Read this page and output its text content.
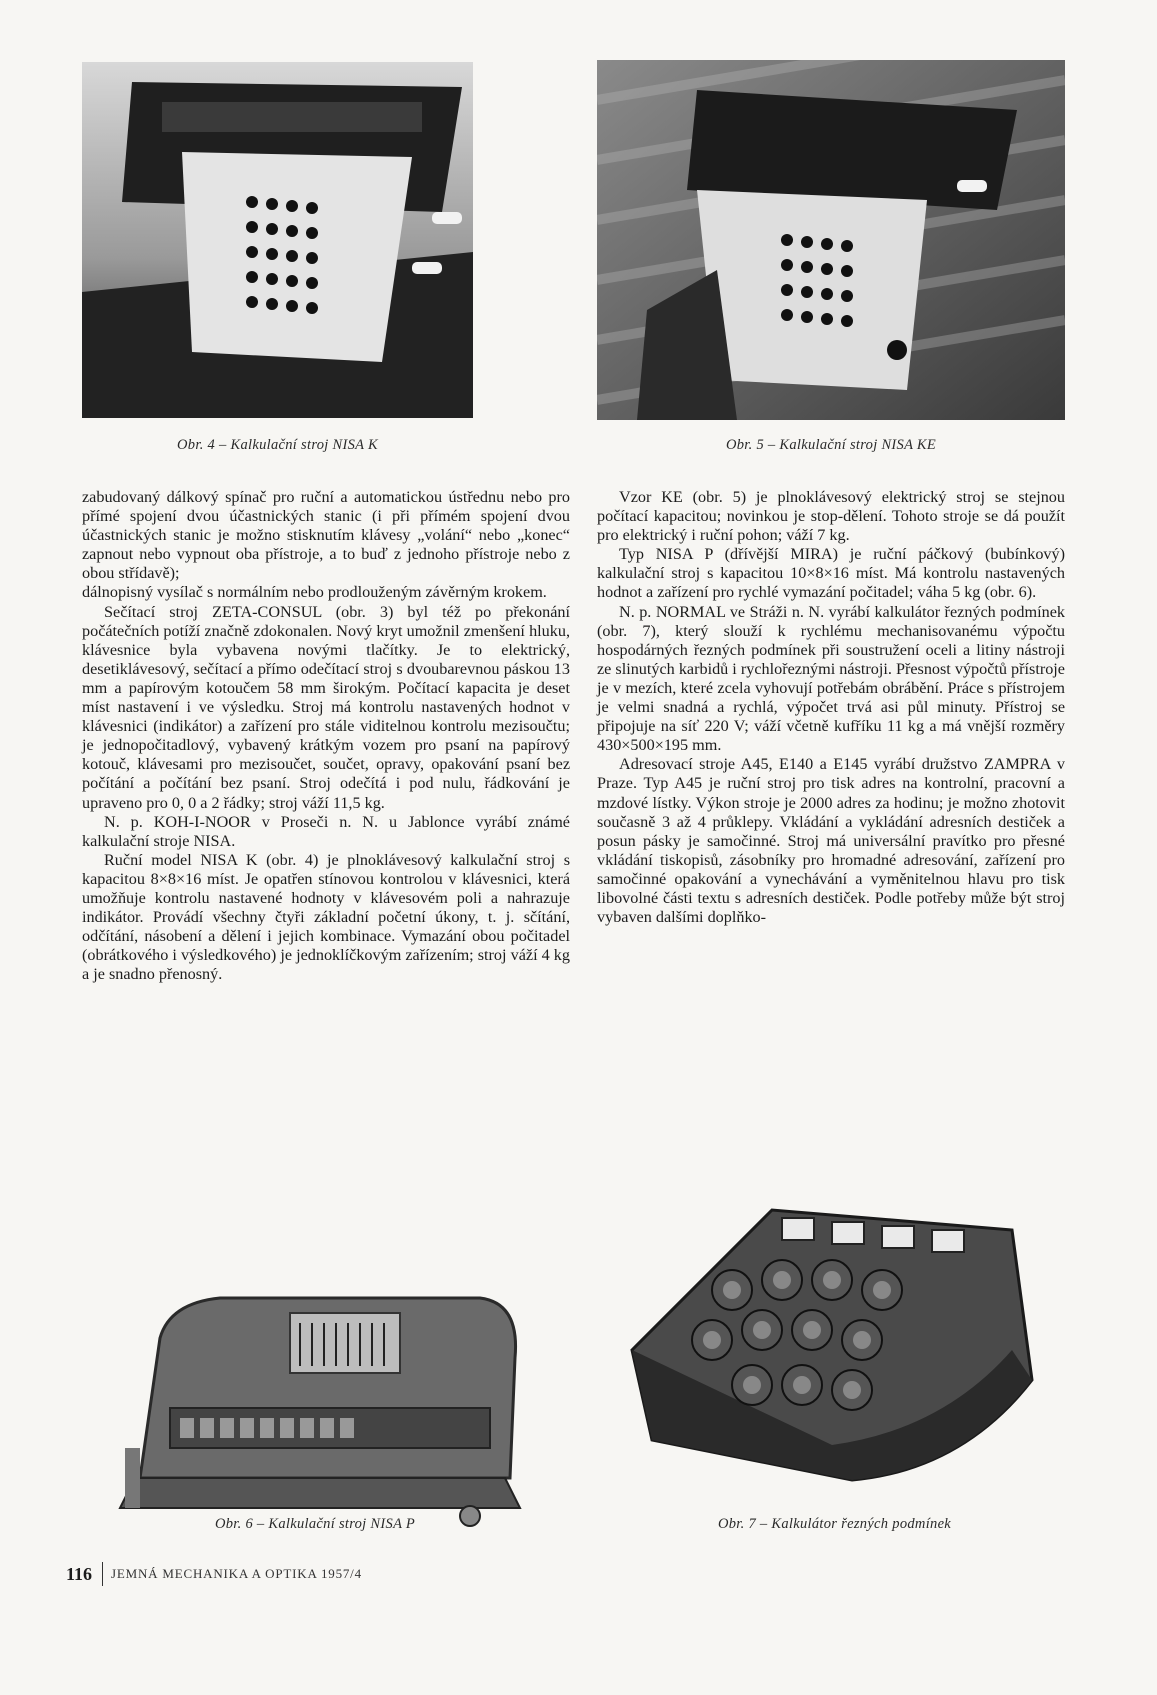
Obr. 4 – Kalkulační stroj NISA K	Obr. 5 – Kalkulační stroj NISA KE

zabudovaný dálkový spínač pro ruční a automatickou ústřednu nebo pro přímé spojení dvou účastnických stanic (i při přímém spojení dvou účastnických stanic je možno stisknutím klávesy „volání“ nebo „konec“ zapnout nebo vypnout oba přístroje, a to buď z jednoho přístroje nebo z obou střídavě);

dálnopisný vysílač s normálním nebo prodlouženým závěrným krokem.

Sečítací stroj ZETA-CONSUL (obr. 3) byl též po překonání počátečních potíží značně zdokonalen. Nový kryt umožnil zmenšení hluku, klávesnice byla vybavena novými tlačítky. Je to elektrický, desetiklávesový, sečítací a přímo odečítací stroj s dvoubarevnou páskou 13 mm a papírovým kotoučem 58 mm širokým. Počítací kapacita je deset míst nastavení i ve výsledku. Stroj má kontrolu nastavených hodnot v klávesnici (indikátor) a zařízení pro stále viditelnou kontrolu mezisoučtu; je jednopočitadlový, vybavený krátkým vozem pro psaní na papírový kotouč, klávesami pro mezisoučet, součet, opravy, opakování psaní bez počítání a počítání bez psaní. Stroj odečítá i pod nulu, řádkování je upraveno pro 0, 0 a 2 řádky; stroj váží 11,5 kg.

N. p. KOH-I-NOOR v Proseči n. N. u Jablonce vyrábí známé kalkulační stroje NISA.

Ruční model NISA K (obr. 4) je plnoklávesový kalkulační stroj s kapacitou 8×8×16 míst. Je opatřen stínovou kontrolou v klávesnici, která umožňuje kontrolu nastavené hodnoty v klávesovém poli a nahrazuje indikátor. Provádí všechny čtyři základní početní úkony, t. j. sčítání, odčítání, násobení a dělení i jejich kombinace. Vymazání obou počitadel (obrátkového i výsledkového) je jednoklíčkovým zařízením; stroj váží 4 kg a je snadno přenosný.

Vzor KE (obr. 5) je plnoklávesový elektrický stroj se stejnou počítací kapacitou; novinkou je stop-dělení. Tohoto stroje se dá použít pro elektrický i ruční pohon; váží 7 kg.

Typ NISA P (dřívější MIRA) je ruční páčkový (bubínkový) kalkulační stroj s kapacitou 10×8×16 míst. Má kontrolu nastavených hodnot a zařízení pro rychlé vymazání počitadel; váha 5 kg (obr. 6).

N. p. NORMAL ve Stráži n. N. vyrábí kalkulátor řezných podmínek (obr. 7), který slouží k rychlému mechanisovanému výpočtu hospodárných řezných podmínek při soustružení oceli a litiny nástroji ze slinutých karbidů i rychlořeznými nástroji. Přesnost výpočtů přístroje je v mezích, které zcela vyhovují potřebám obrábění. Práce s přístrojem je velmi snadná a rychlá, výpočet trvá asi půl minuty. Přístroj se připojuje na síť 220 V; váží včetně kufříku 11 kg a má vnější rozměry 430×500×195 mm.

Adresovací stroje A45, E140 a E145 vyrábí družstvo ZAMPRA v Praze. Typ A45 je ruční stroj pro tisk adres na kontrolní, pracovní a mzdové lístky. Výkon stroje je 2000 adres za hodinu; je možno zhotovit současně 3 až 4 průklepy. Vkládání a vykládání adresních destiček a posun pásky je samočinné. Stroj má universální pravítko pro přesné vkládání tiskopisů, zásobníky pro hromadné adresování, zařízení pro samočinné opakování a vynechávání a vyměnitelnou hlavu pro tisk libovolné části textu s adresních destiček. Podle potřeby může být stroj vybaven dalšími doplňko-

Obr. 6 – Kalkulační stroj NISA P	Obr. 7 – Kalkulátor řezných podmínek
116 JEMNÁ MECHANIKA A OPTIKA 1957/4
